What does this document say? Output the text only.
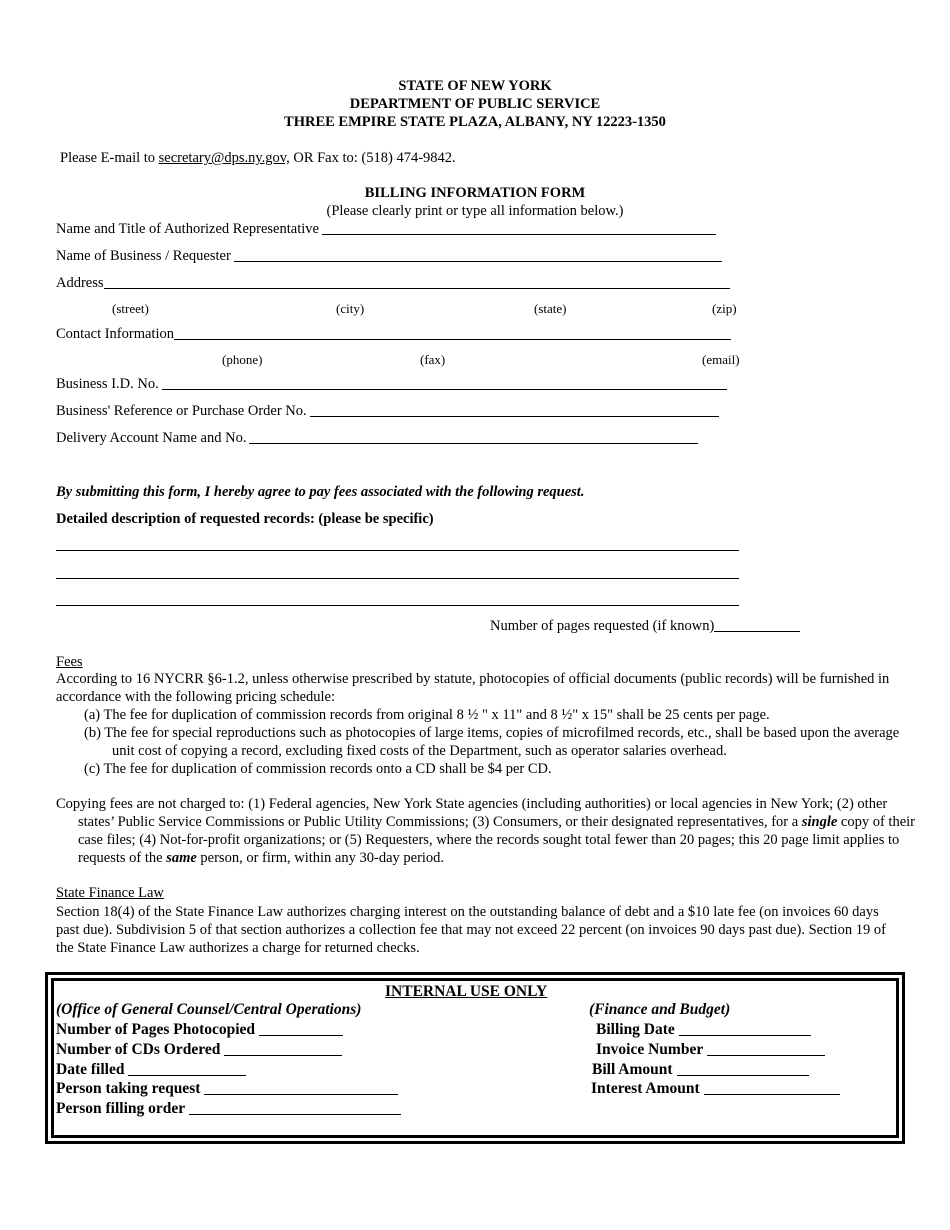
STATE OF NEW YORK
DEPARTMENT OF PUBLIC SERVICE
THREE EMPIRE STATE PLAZA, ALBANY, NY 12223-1350
Please E-mail to secretary@dps.ny.gov, OR Fax to: (518) 474-9842.
BILLING INFORMATION FORM
(Please clearly print or type all information below.)
Name and Title of Authorized Representative
Name of Business / Requester
Address
(street)	(city)	(state)	(zip)
Contact Information
(phone)	(fax)	(email)
Business I.D. No.
Business' Reference or Purchase Order No.
Delivery Account Name and No.
By submitting this form, I hereby agree to pay fees associated with the following request.
Detailed description of requested records: (please be specific)
Number of pages requested (if known)
Fees
According to 16 NYCRR §6-1.2, unless otherwise prescribed by statute, photocopies of official documents (public records) will be furnished in accordance with the following pricing schedule:
(a) The fee for duplication of commission records from original 8 ½ " x 11" and 8 ½" x 15" shall be 25 cents per page.
(b) The fee for special reproductions such as photocopies of large items, copies of microfilmed records, etc., shall be based upon the average unit cost of copying a record, excluding fixed costs of the Department, such as operator salaries overhead.
(c) The fee for duplication of commission records onto a CD shall be $4 per CD.
Copying fees are not charged to: (1) Federal agencies, New York State agencies (including authorities) or local agencies in New York; (2) other states’ Public Service Commissions or Public Utility Commissions; (3) Consumers, or their designated representatives, for a single copy of their case files; (4) Not-for-profit organizations; or (5) Requesters, where the records sought total fewer than 20 pages; this 20 page limit applies to requests of the same person, or firm, within any 30-day period.
State Finance Law
Section 18(4) of the State Finance Law authorizes charging interest on the outstanding balance of debt and a $10 late fee (on invoices 60 days past due). Subdivision 5 of that section authorizes a collection fee that may not exceed 22 percent (on invoices 90 days past due). Section 19 of the State Finance Law authorizes a charge for returned checks.
INTERNAL USE ONLY
(Office of General Counsel/Central Operations)
Number of Pages Photocopied
Number of CDs Ordered
Date filled
Person taking request
Person filling order
(Finance and Budget)
Billing Date
Invoice Number
Bill Amount
Interest Amount
